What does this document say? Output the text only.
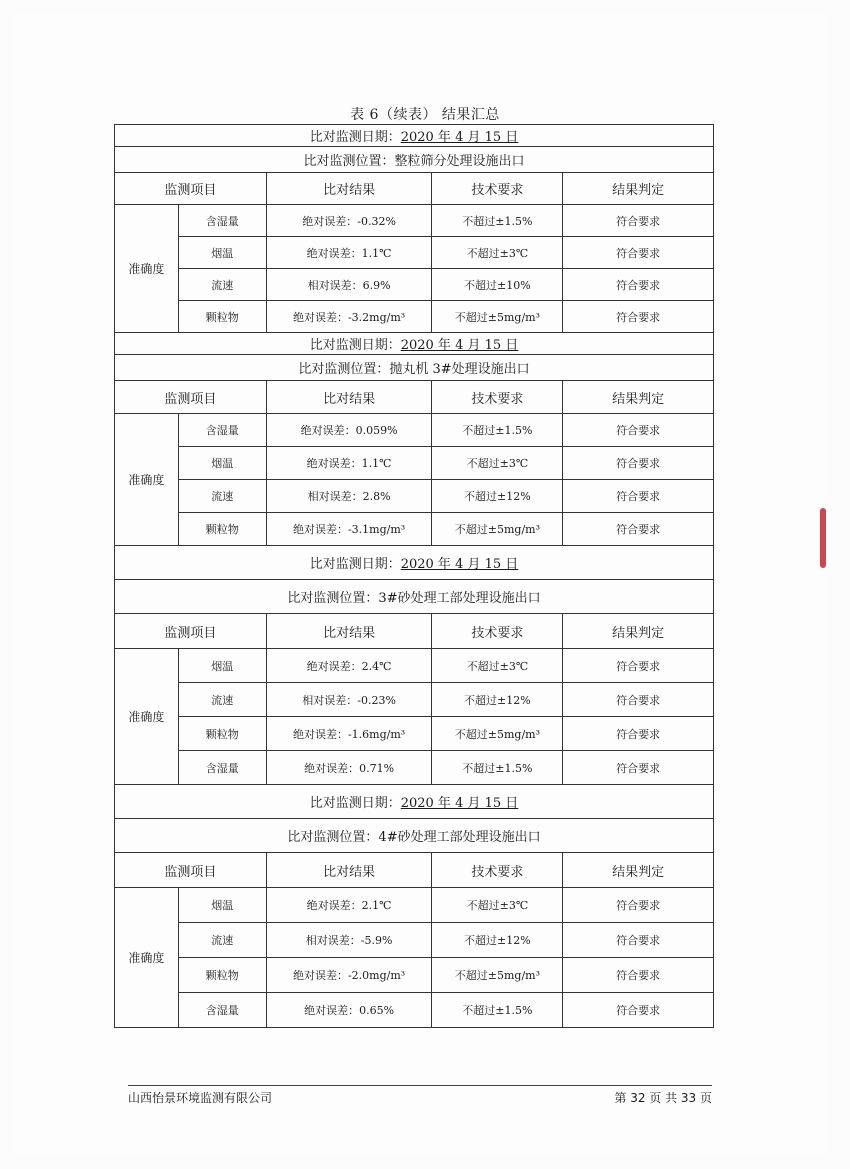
表 6（续表） 结果汇总
比对监测日期：2020 年 4 月 15 日				
比对监测位置：整粒筛分处理设施出口				
监测项目		比对结果	技术要求	结果判定
准确度	含湿量	绝对误差：-0.32%	不超过±1.5%	符合要求
	烟温	绝对误差：1.1℃	不超过±3℃	符合要求
	流速	相对误差：6.9%	不超过±10%	符合要求
	颗粒物	绝对误差：-3.2mg/m³	不超过±5mg/m³	符合要求
比对监测日期：2020 年 4 月 15 日				
比对监测位置：抛丸机 3#处理设施出口				
监测项目		比对结果	技术要求	结果判定
准确度	含湿量	绝对误差：0.059%	不超过±1.5%	符合要求
	烟温	绝对误差：1.1℃	不超过±3℃	符合要求
	流速	相对误差：2.8%	不超过±12%	符合要求
	颗粒物	绝对误差：-3.1mg/m³	不超过±5mg/m³	符合要求
比对监测日期：2020 年 4 月 15 日				
比对监测位置：3#砂处理工部处理设施出口				
监测项目		比对结果	技术要求	结果判定
准确度	烟温	绝对误差：2.4℃	不超过±3℃	符合要求
	流速	相对误差：-0.23%	不超过±12%	符合要求
	颗粒物	绝对误差：-1.6mg/m³	不超过±5mg/m³	符合要求
	含湿量	绝对误差：0.71%	不超过±1.5%	符合要求
比对监测日期：2020 年 4 月 15 日				
比对监测位置：4#砂处理工部处理设施出口				
监测项目		比对结果	技术要求	结果判定
准确度	烟温	绝对误差：2.1℃	不超过±3℃	符合要求
	流速	相对误差：-5.9%	不超过±12%	符合要求
	颗粒物	绝对误差：-2.0mg/m³	不超过±5mg/m³	符合要求
	含湿量	绝对误差：0.65%	不超过±1.5%	符合要求
山西怡景环境监测有限公司	第 32 页 共 33 页
